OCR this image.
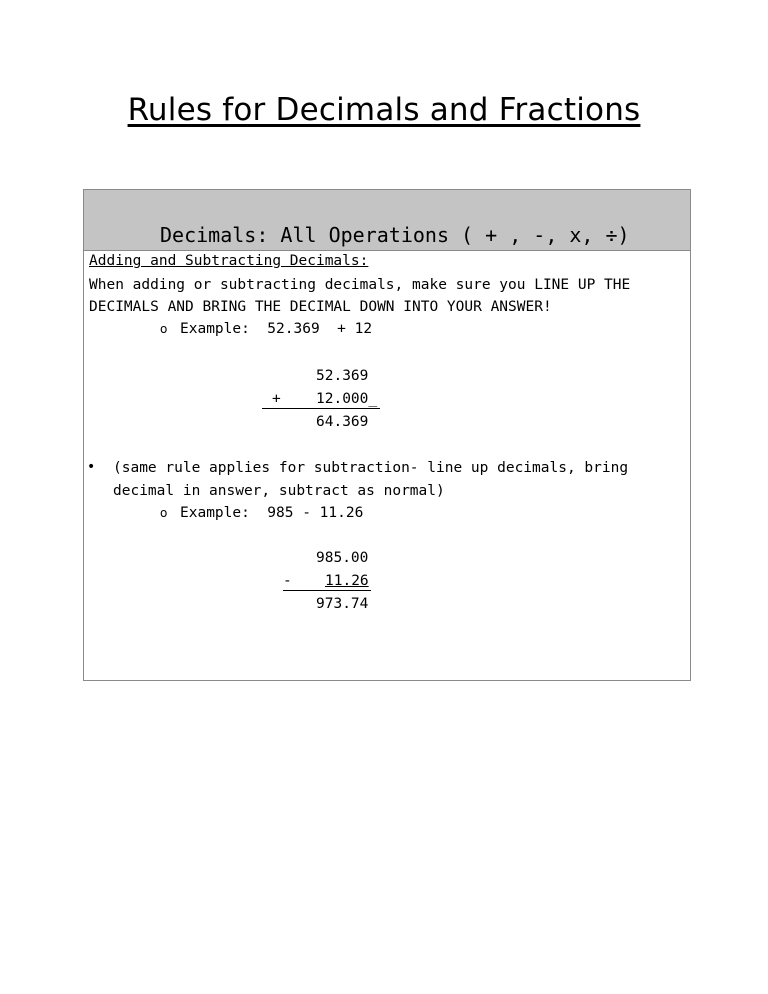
Rules for Decimals and Fractions
Decimals: All Operations ( + , -, x, ÷)
Adding and Subtracting Decimals:
When adding or subtracting decimals, make sure you LINE UP THE
DECIMALS AND BRING THE DECIMAL DOWN INTO YOUR ANSWER!
o Example:  52.369  + 12
52.369
+ 12.000_
64.369
• (same rule applies for subtraction- line up decimals, bring
decimal in answer, subtract as normal)
o Example:  985 - 11.26
985.00
- 11.26
973.74
